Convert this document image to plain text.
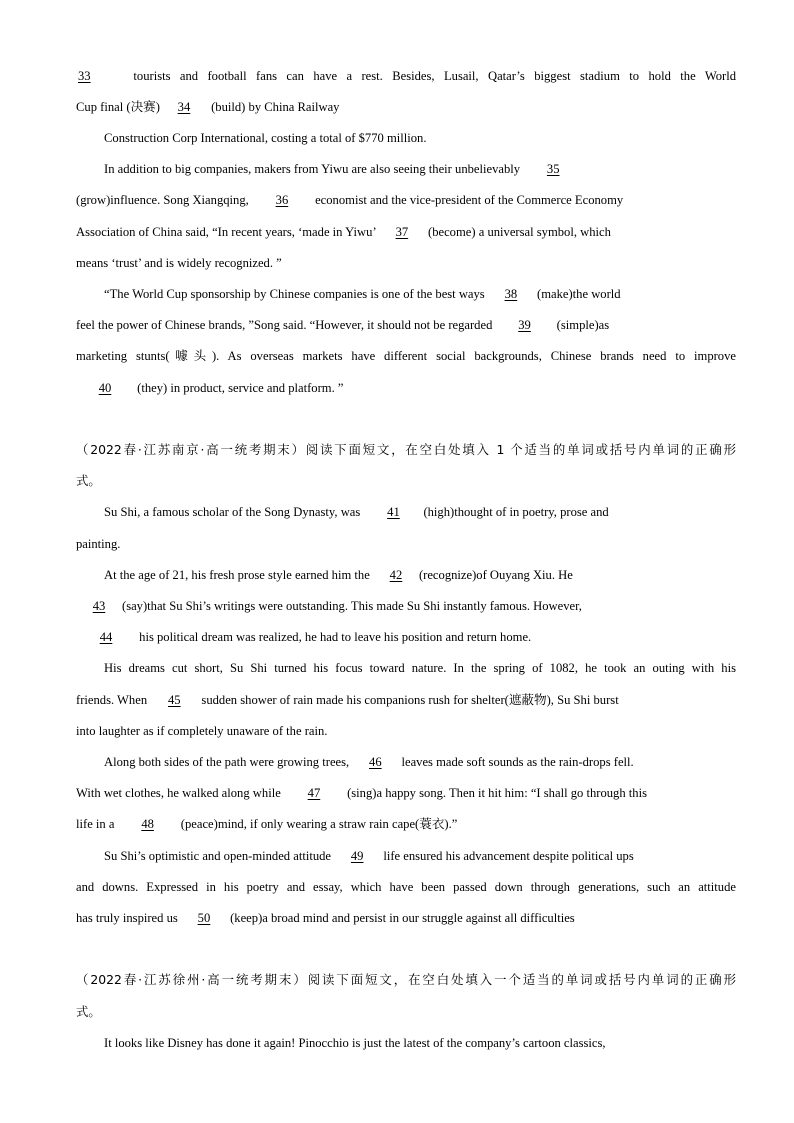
33	tourists and football fans can have a rest. Besides, Lusail, Qatar’s biggest stadium to hold the World
Cup final (决赛) 34 (build) by China Railway
Construction Corp International, costing a total of $770 million.
In addition to big companies, makers from Yiwu are also seeing their unbelievably 35
(grow)influence. Song Xiangqing, 36 economist and the vice-president of the Commerce Economy
Association of China said, “In recent years, ‘made in Yiwu’ 37 (become) a universal symbol, which
means ‘trust’ and is widely recognized. ”
“The World Cup sponsorship by Chinese companies is one of the best ways 38 (make)the world
feel the power of Chinese brands, ”Song said. “However, it should not be regarded 39 (simple)as
marketing stunts(噱头). As overseas markets have different social backgrounds, Chinese brands need to improve
40 (they) in product, service and platform. ”
（2022春·江苏南京·高一统考期末）阅读下面短文，在空白处填入 1 个适当的单词或括号内单词的正确形
式。
Su Shi, a famous scholar of the Song Dynasty, was 41 (high)thought of in poetry, prose and
painting.
At the age of 21, his fresh prose style earned him the 42 (recognize)of Ouyang Xiu. He
43 (say)that Su Shi’s writings were outstanding. This made Su Shi instantly famous. However,
44 his political dream was realized, he had to leave his position and return home.
His dreams cut short, Su Shi turned his focus toward nature. In the spring of 1082, he took an outing with his
friends. When 45 sudden shower of rain made his companions rush for shelter(遮蔽物), Su Shi burst
into laughter as if completely unaware of the rain.
Along both sides of the path were growing trees, 46 leaves made soft sounds as the rain-drops fell.
With wet clothes, he walked along while 47 (sing)a happy song. Then it hit him: “I shall go through this
life in a 48 (peace)mind, if only wearing a straw rain cape(蓑衣).”
Su Shi’s optimistic and open-minded attitude 49 life ensured his advancement despite political ups
and downs. Expressed in his poetry and essay, which have been passed down through generations, such an attitude
has truly inspired us 50 (keep)a broad mind and persist in our struggle against all difficulties
（2022春·江苏徐州·高一统考期末）阅读下面短文，在空白处填入一个适当的单词或括号内单词的正确形
式。
It looks like Disney has done it again! Pinocchio is just the latest of the company’s cartoon classics,
